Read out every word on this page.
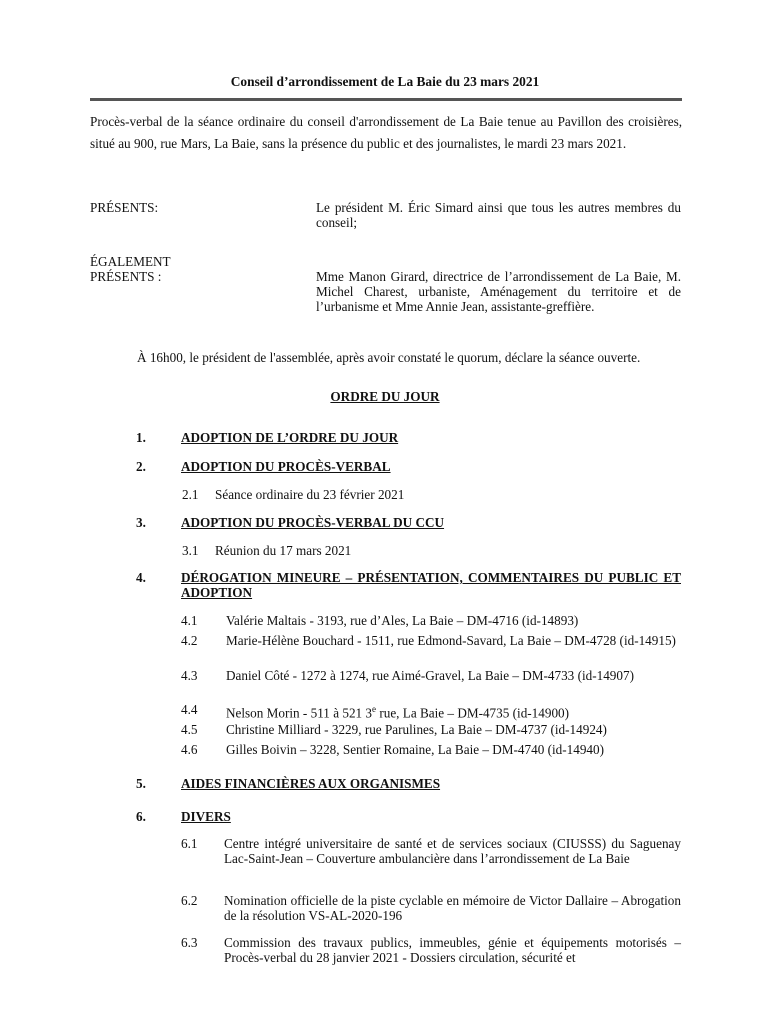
Conseil d’arrondissement de La Baie du 23 mars 2021
Procès-verbal de la séance ordinaire du conseil d'arrondissement de La Baie tenue au Pavillon des croisières, situé au 900, rue Mars, La Baie, sans la présence du public et des journalistes, le mardi 23 mars 2021.
PRÉSENTS:	Le président M. Éric Simard ainsi que tous les autres membres du conseil;
ÉGALEMENT
PRÉSENTS :	Mme Manon Girard, directrice de l’arrondissement de La Baie, M. Michel Charest, urbaniste, Aménagement du territoire et de l’urbanisme et Mme Annie Jean, assistante-greffière.
À 16h00, le président de l'assemblée, après avoir constaté le quorum, déclare la séance ouverte.
ORDRE DU JOUR
1.	ADOPTION DE L’ORDRE DU JOUR
2.	ADOPTION DU PROCÈS-VERBAL
2.1 Séance ordinaire du 23 février 2021
3.	ADOPTION DU PROCÈS-VERBAL DU CCU
3.1 Réunion du 17 mars 2021
4.	DÉROGATION MINEURE – PRÉSENTATION, COMMENTAIRES DU PUBLIC ET ADOPTION
4.1 Valérie Maltais - 3193, rue d’Ales, La Baie – DM-4716 (id-14893)
4.2 Marie-Hélène Bouchard - 1511, rue Edmond-Savard, La Baie – DM-4728 (id-14915)
4.3 Daniel Côté - 1272 à 1274, rue Aimé-Gravel, La Baie – DM-4733 (id-14907)
4.4 Nelson Morin - 511 à 521 3e rue, La Baie – DM-4735 (id-14900)
4.5 Christine Milliard - 3229, rue Parulines, La Baie – DM-4737 (id-14924)
4.6 Gilles Boivin – 3228, Sentier Romaine, La Baie – DM-4740 (id-14940)
5.	AIDES FINANCIÈRES AUX ORGANISMES
6.	DIVERS
6.1 Centre intégré universitaire de santé et de services sociaux (CIUSSS) du Saguenay Lac-Saint-Jean – Couverture ambulancière dans l’arrondissement de La Baie
6.2 Nomination officielle de la piste cyclable en mémoire de Victor Dallaire – Abrogation de la résolution VS-AL-2020-196
6.3 Commission des travaux publics, immeubles, génie et équipements motorisés – Procès-verbal du 28 janvier 2021 - Dossiers circulation, sécurité et
